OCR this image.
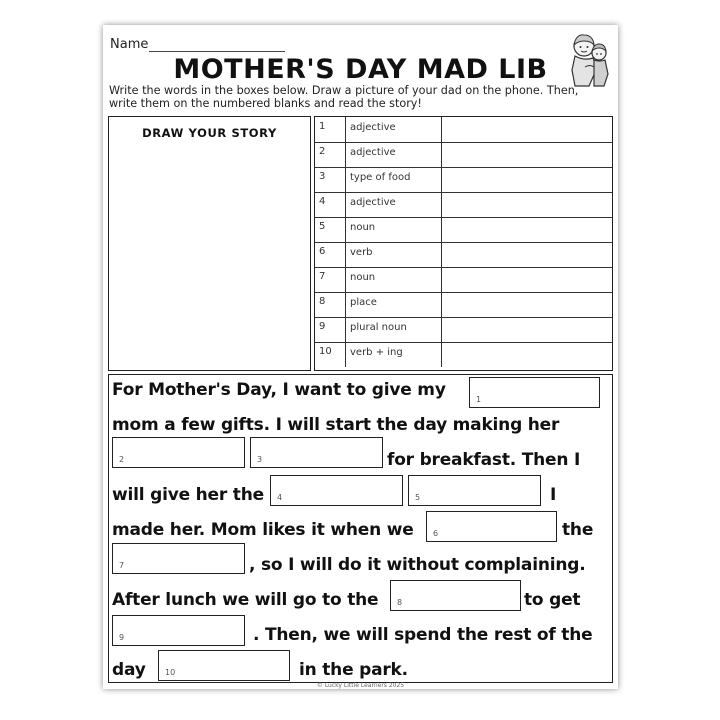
Name
MOTHER'S DAY MAD LIB
Write the words in the boxes below. Draw a picture of your dad on the phone. Then, write them on the numbered blanks and read the story!
DRAW YOUR STORY	1	adjective
2	adjective
3	type of food
4	adjective
5	noun
6	verb
7	noun
8	place
9	plural noun
10	verb + ing
For Mother's Day, I want to give my	1
mom a few gifts. I will start the day making her
2	3	for breakfast. Then I
will give her the 4	5	I
made her. Mom likes it when we 6	the
7	, so I will do it without complaining.
After lunch we will go to the 8	to get
9	. Then, we will spend the rest of the
day 10	in the park.
© Lucky Little Learners 2025
